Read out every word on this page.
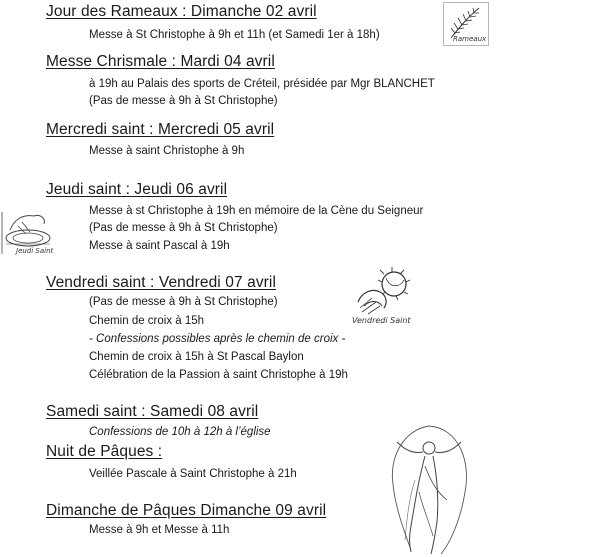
Jour des Rameaux : Dimanche 02 avril
Messe à St Christophe à 9h et 11h (et Samedi 1er à 18h)
Messe Chrismale : Mardi 04 avril
à 19h au Palais des sports de Créteil, présidée par Mgr BLANCHET
(Pas de messe à 9h à St Christophe)
Mercredi saint : Mercredi 05 avril
Messe à saint Christophe à 9h
Jeudi saint : Jeudi 06 avril
Messe à st Christophe à 19h en mémoire de la Cène du Seigneur
(Pas de messe à 9h à St Christophe)
Messe à saint Pascal à 19h
Vendredi saint : Vendredi 07 avril
(Pas de messe à 9h à St Christophe)
Chemin de croix à 15h
- Confessions possibles après le chemin de croix -
Chemin de croix à 15h à St Pascal Baylon
Célébration de la Passion à saint Christophe à 19h
Samedi saint : Samedi 08 avril
Confessions de 10h à 12h à l’église
Nuit de Pâques :
Veillée Pascale à Saint Christophe à 21h
Dimanche de Pâques Dimanche 09 avril
Messe à 9h et Messe à 11h
Rameaux
Jeudi Saint
Vendredi Saint
